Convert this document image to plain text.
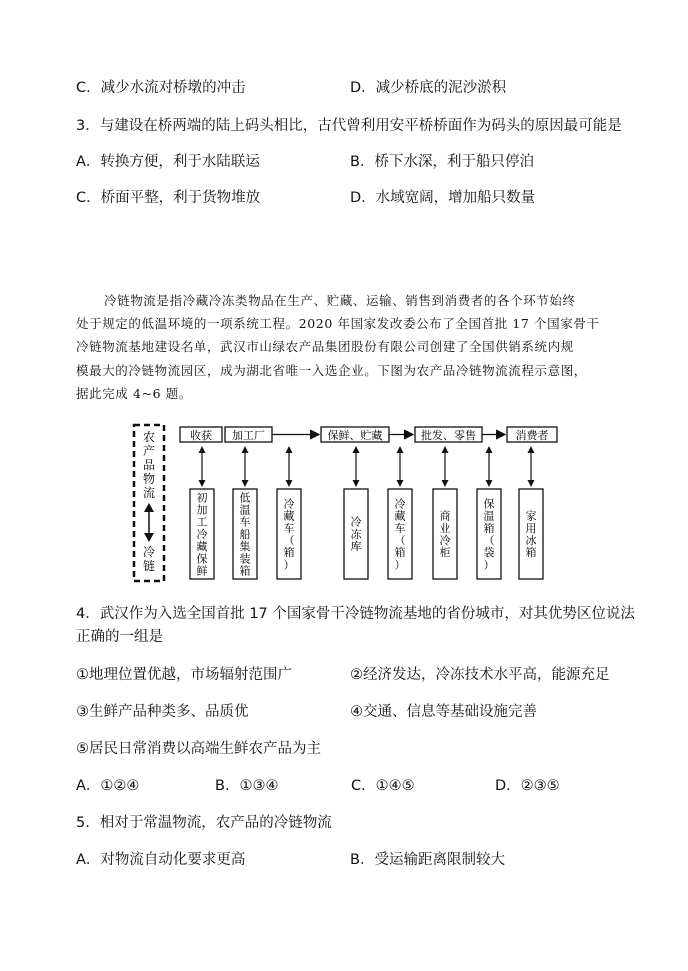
C．减少水流对桥墩的冲击	D．减少桥底的泥沙淤积
3．与建设在桥两端的陆上码头相比，古代曾利用安平桥桥面作为码头的原因最可能是
A．转换方便，利于水陆联运	B．桥下水深，利于船只停泊
C．桥面平整，利于货物堆放	D．水域宽阔，增加船只数量
冷链物流是指冷藏冷冻类物品在生产、贮藏、运输、销售到消费者的各个环节始终
处于规定的低温环境的一项系统工程。2020 年国家发改委公布了全国首批 17 个国家骨干
冷链物流基地建设名单，武汉市山绿农产品集团股份有限公司创建了全国供销系统内规
模最大的冷链物流园区，成为湖北省唯一入选企业。下图为农产品冷链物流流程示意图，
据此完成 4~6 题。
农
产
品
物
流
冷
链
收获 加工厂	保鲜、贮藏	批发、零售	消费者
初
加
工
冷
藏
保
鲜
低
温
车
船
集
装
箱
冷
藏
车
（
箱
）
冷
冻
库
冷
藏
车
（
箱
）
商
业
冷
柜
保
温
箱
（
袋
）
家
用
冰
箱
4．武汉作为入选全国首批 17 个国家骨干冷链物流基地的省份城市，对其优势区位说法
正确的一组是
①地理位置优越，市场辐射范围广	②经济发达，冷冻技术水平高，能源充足
③生鲜产品种类多、品质优	④交通、信息等基础设施完善
⑤居民日常消费以高端生鲜农产品为主
A．①②④	B．①③④	C．①④⑤	D．②③⑤
5．相对于常温物流，农产品的冷链物流
A．对物流自动化要求更高	B．受运输距离限制较大
